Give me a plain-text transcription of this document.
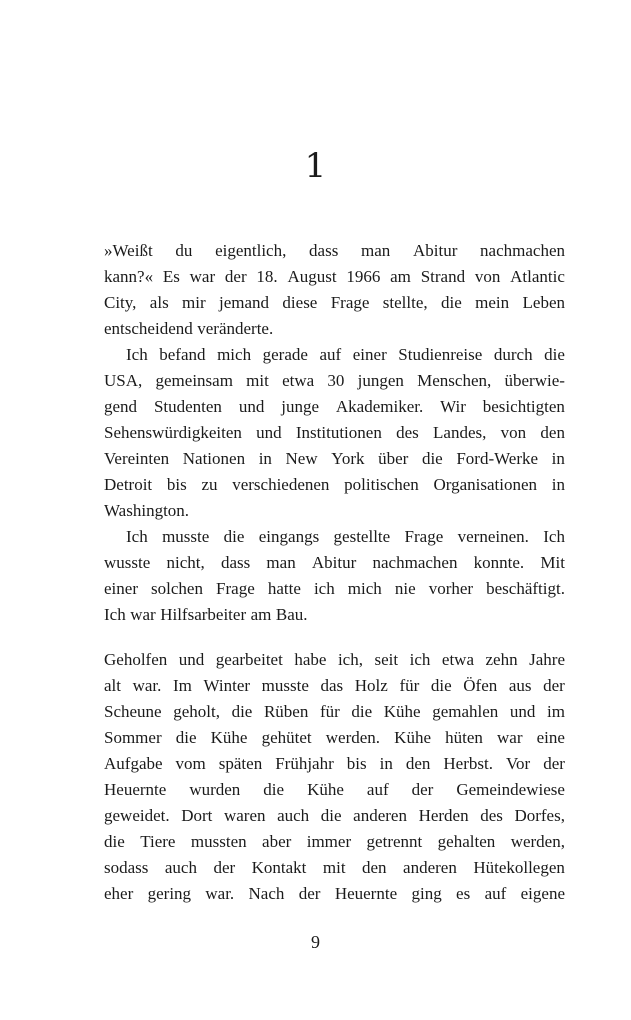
1
»Weißt du eigentlich, dass man Abitur nachmachen
kann?« Es war der 18. August 1966 am Strand von Atlantic
City, als mir jemand diese Frage stellte, die mein Leben
entscheidend veränderte.
Ich befand mich gerade auf einer Studienreise durch die
USA, gemeinsam mit etwa 30 jungen Menschen, überwie-
gend Studenten und junge Akademiker. Wir besichtigten
Sehenswürdigkeiten und Institutionen des Landes, von den
Vereinten Nationen in New York über die Ford-Werke in
Detroit bis zu verschiedenen politischen Organisationen in
Washington.
Ich musste die eingangs gestellte Frage verneinen. Ich
wusste nicht, dass man Abitur nachmachen konnte. Mit
einer solchen Frage hatte ich mich nie vorher beschäftigt.
Ich war Hilfsarbeiter am Bau.
Geholfen und gearbeitet habe ich, seit ich etwa zehn Jahre
alt war. Im Winter musste das Holz für die Öfen aus der
Scheune geholt, die Rüben für die Kühe gemahlen und im
Sommer die Kühe gehütet werden. Kühe hüten war eine
Aufgabe vom späten Frühjahr bis in den Herbst. Vor der
Heuernte wurden die Kühe auf der Gemeindewiese
geweidet. Dort waren auch die anderen Herden des Dorfes,
die Tiere mussten aber immer getrennt gehalten werden,
sodass auch der Kontakt mit den anderen Hütekollegen
eher gering war. Nach der Heuernte ging es auf eigene
9
